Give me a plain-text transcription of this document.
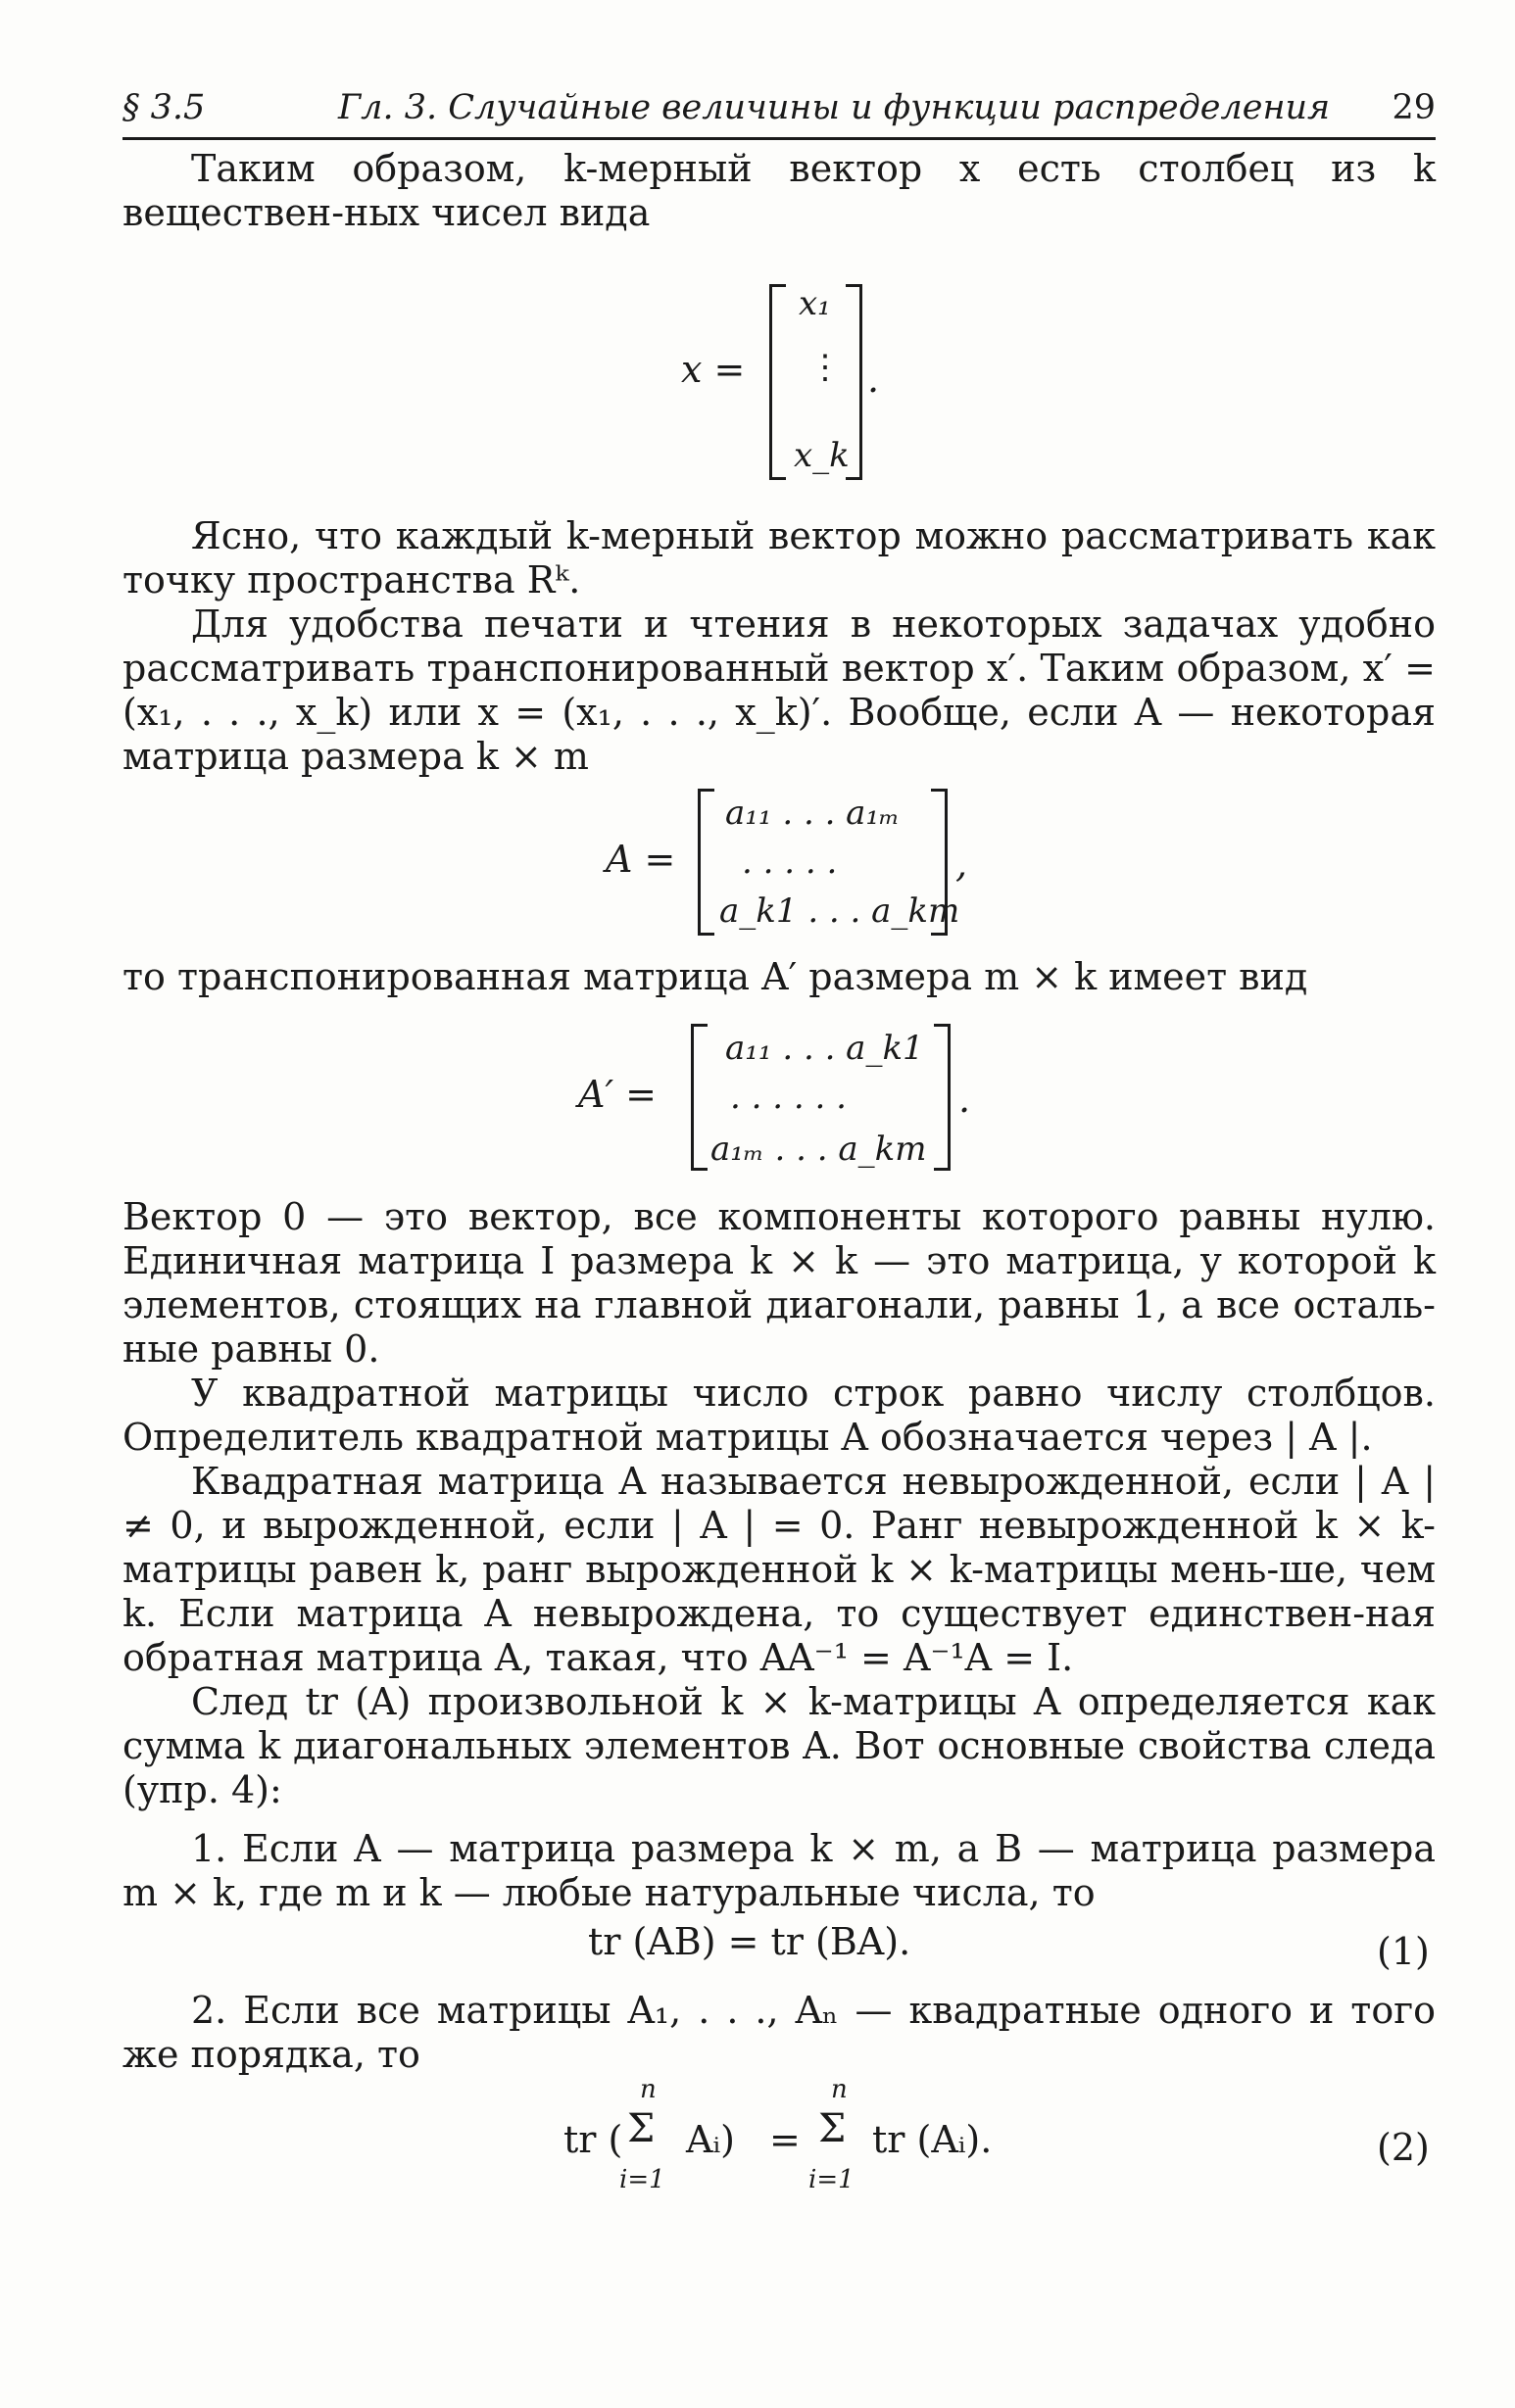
§ 3.5	Гл. 3. Случайные величины и функции распределения 29

Таким образом, k-мерный вектор x есть столбец из k веществен-ных чисел вида

x =
x₁
⋮
x_k
.

Ясно, что каждый k-мерный вектор можно рассматривать как точку пространства Rᵏ.

Для удобства печати и чтения в некоторых задачах удобно рассматривать транспонированный вектор x′. Таким образом, x′ = (x₁, . . ., x_k) или x = (x₁, . . ., x_k)′. Вообще, если A — некоторая матрица размера k × m

A =
a₁₁ . . . a₁ₘ
. . . . .
a_k1 . . . a_km
,

то транспонированная матрица A′ размера m × k имеет вид

A′ =
a₁₁ . . . a_k1
. . . . . .
a₁ₘ . . . a_km
.

Вектор 0 — это вектор, все компоненты которого равны нулю. Единичная матрица I размера k × k — это матрица, у которой k элементов, стоящих на главной диагонали, равны 1, а все осталь-ные равны 0.

У квадратной матрицы число строк равно числу столбцов. Определитель квадратной матрицы A обозначается через | A |.

Квадратная матрица A называется невырожденной, если | A | ≠ 0, и вырожденной, если | A | = 0. Ранг невырожденной k × k-матрицы равен k, ранг вырожденной k × k-матрицы мень-ше, чем k. Если матрица A невырождена, то существует единствен-ная обратная матрица A, такая, что AA⁻¹ = A⁻¹A = I.

След tr (A) произвольной k × k-матрицы A определяется как сумма k диагональных элементов A. Вот основные свойства следа (упр. 4):

1. Если A — матрица размера k × m, а B — матрица размера m × k, где m и k — любые натуральные числа, то

tr (AB) = tr (BA).	(1)

2. Если все матрицы A₁, . . ., Aₙ — квадратные одного и того же порядка, то

tr (
n
Σ
i=1
Aᵢ) =
n
Σ
i=1
tr (Aᵢ).	(2)
